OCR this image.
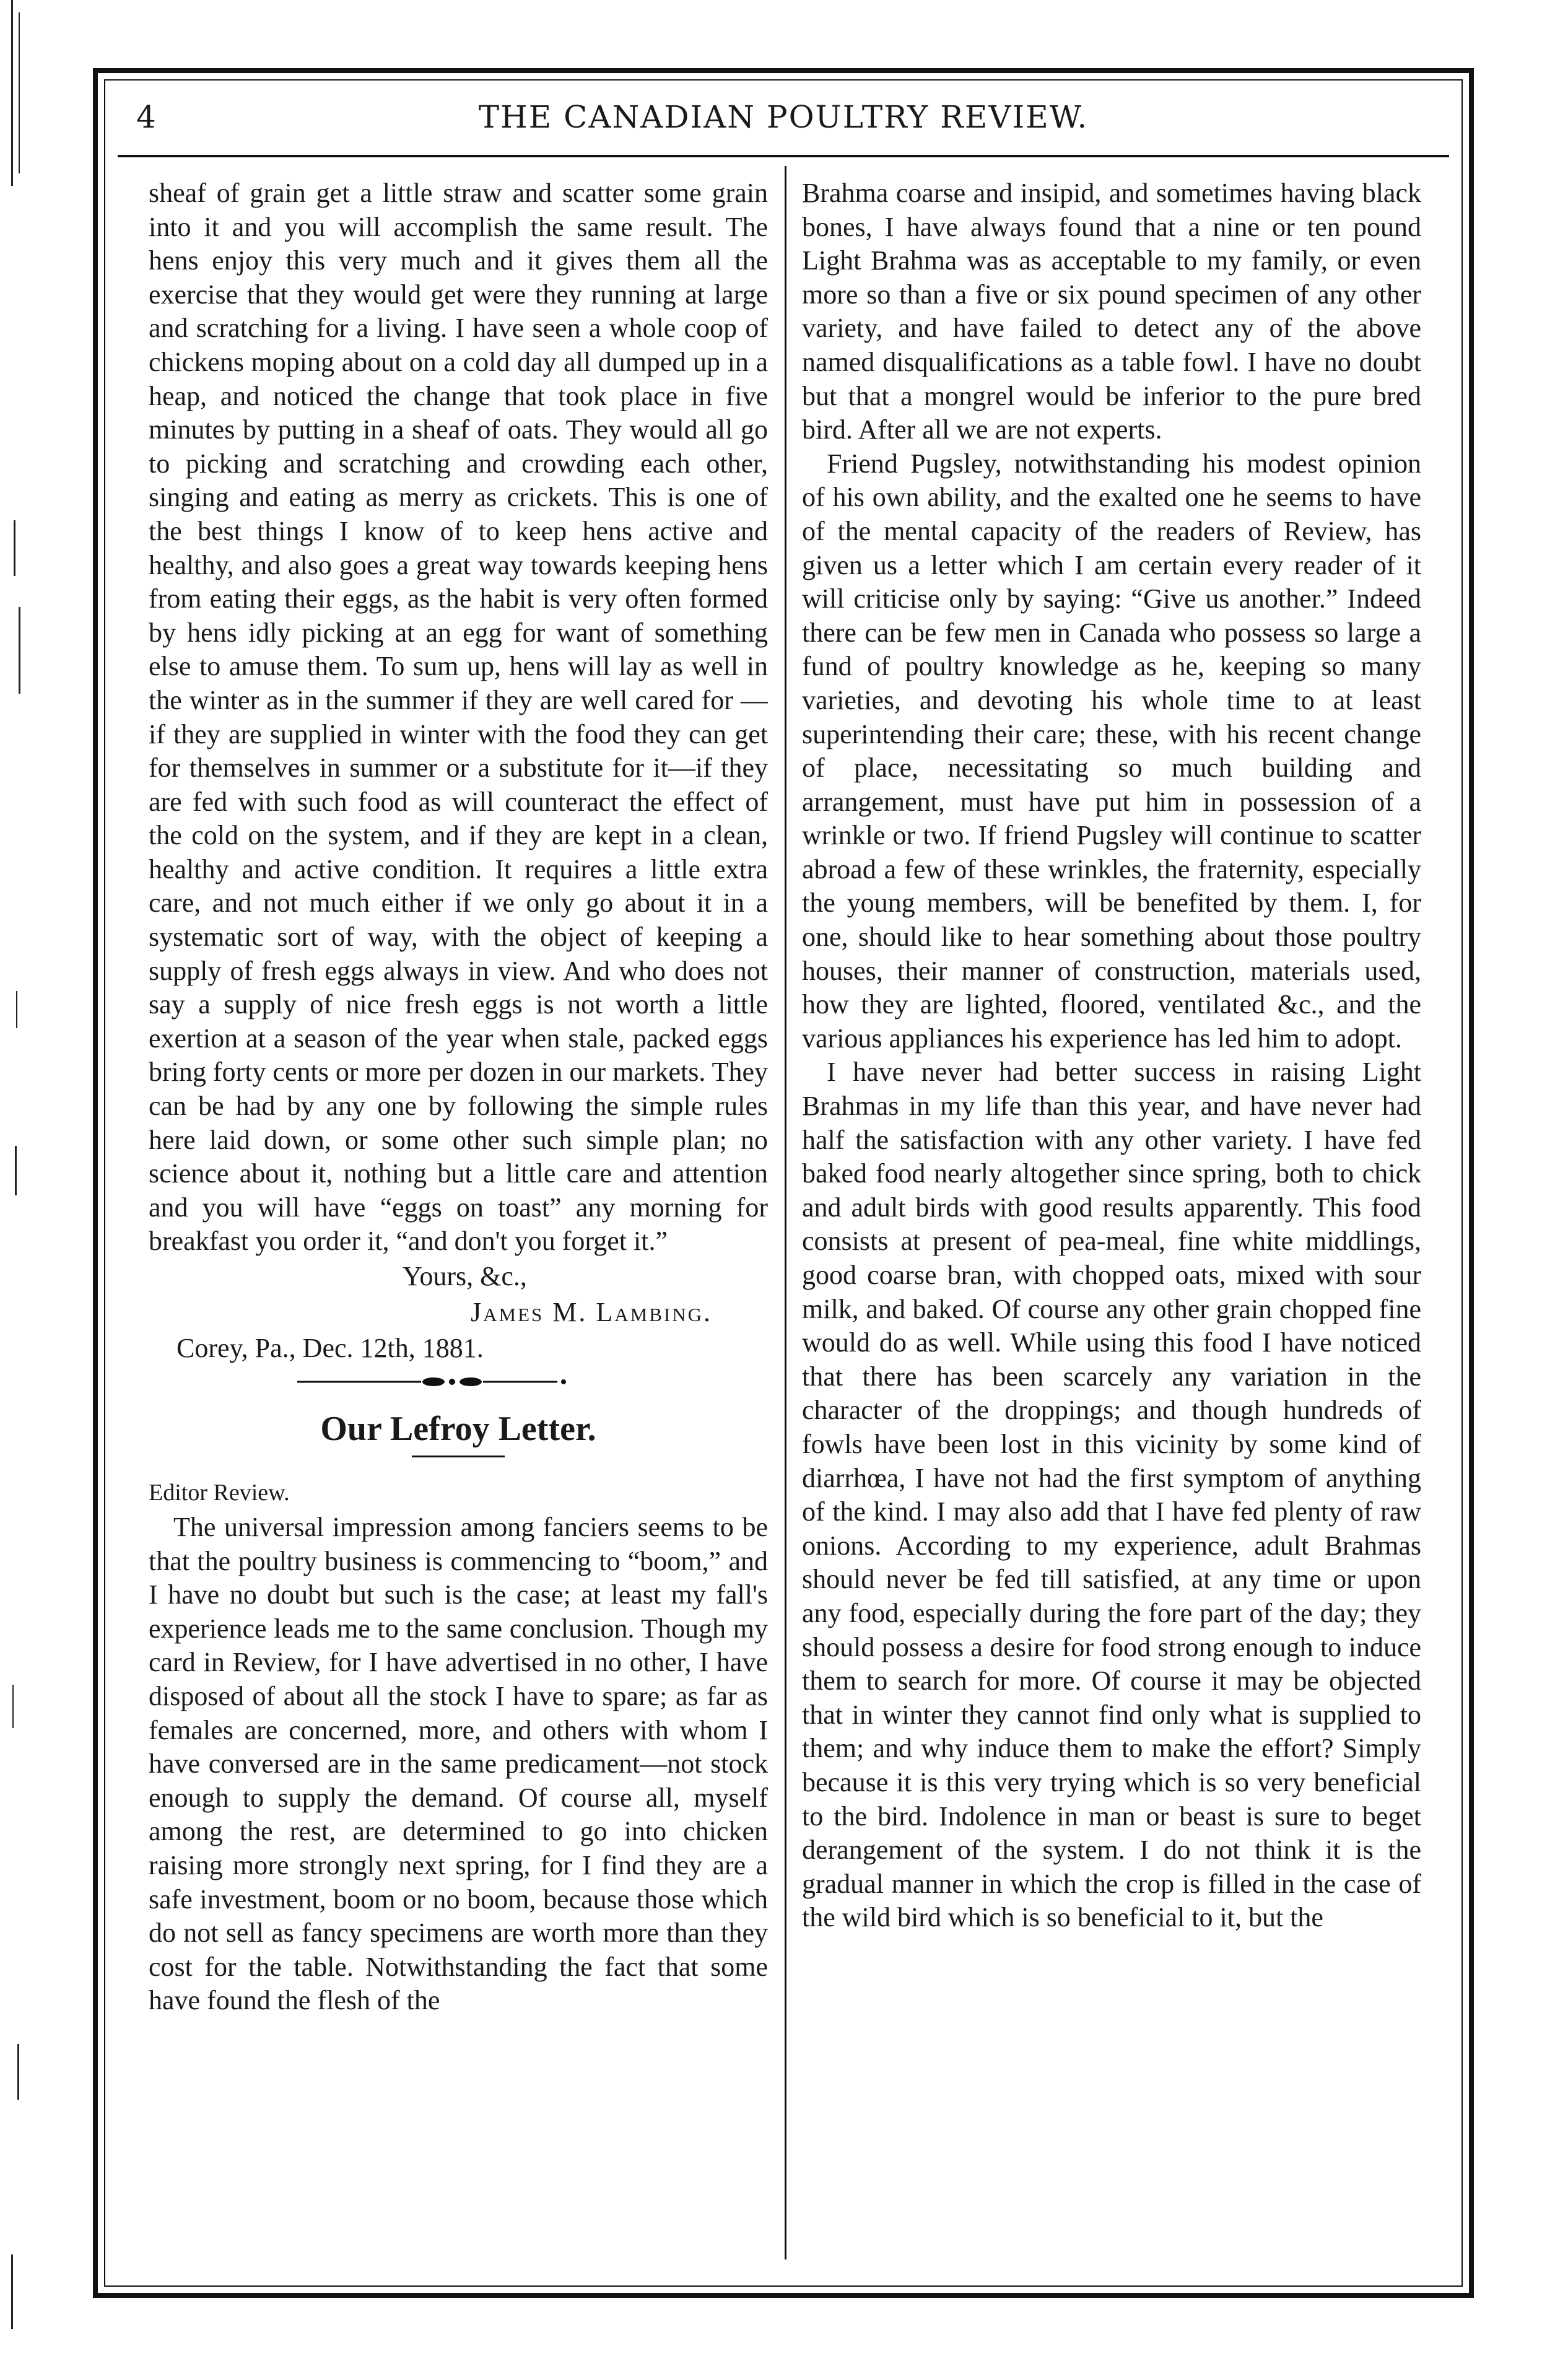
4	THE CANADIAN POULTRY REVIEW.

sheaf of grain get a little straw and scatter some grain into it and you will accomplish the same result. The hens enjoy this very much and it gives them all the exercise that they would get were they running at large and scratching for a living. I have seen a whole coop of chickens moping about on a cold day all dumped up in a heap, and noticed the change that took place in five minutes by putting in a sheaf of oats. They would all go to picking and scratching and crowding each other, singing and eating as merry as crickets. This is one of the best things I know of to keep hens active and healthy, and also goes a great way towards keeping hens from eating their eggs, as the habit is very often formed by hens idly picking at an egg for want of something else to amuse them. To sum up, hens will lay as well in the winter as in the summer if they are well cared for —if they are supplied in winter with the food they can get for themselves in summer or a substitute for it—if they are fed with such food as will counteract the effect of the cold on the system, and if they are kept in a clean, healthy and active condition. It requires a little extra care, and not much either if we only go about it in a systematic sort of way, with the object of keeping a supply of fresh eggs always in view. And who does not say a supply of nice fresh eggs is not worth a little exertion at a season of the year when stale, packed eggs bring forty cents or more per dozen in our markets. They can be had by any one by following the simple rules here laid down, or some other such simple plan; no science about it, nothing but a little care and attention and you will have “eggs on toast” any morning for breakfast you order it, “and don't you forget it.”

Yours, &c.,
James M. Lambing.
Corey, Pa., Dec. 12th, 1881.
Our Lefroy Letter.
Editor Review.

The universal impression among fanciers seems to be that the poultry business is commencing to “boom,” and I have no doubt but such is the case; at least my fall's experience leads me to the same conclusion. Though my card in Review, for I have advertised in no other, I have disposed of about all the stock I have to spare; as far as females are concerned, more, and others with whom I have conversed are in the same predicament—not stock enough to supply the demand. Of course all, myself among the rest, are determined to go into chicken raising more strongly next spring, for I find they are a safe investment, boom or no boom, because those which do not sell as fancy specimens are worth more than they cost for the table. Notwithstanding the fact that some have found the flesh of the

Brahma coarse and insipid, and sometimes having black bones, I have always found that a nine or ten pound Light Brahma was as acceptable to my family, or even more so than a five or six pound specimen of any other variety, and have failed to detect any of the above named disqualifications as a table fowl. I have no doubt but that a mongrel would be inferior to the pure bred bird. After all we are not experts.

Friend Pugsley, notwithstanding his modest opinion of his own ability, and the exalted one he seems to have of the mental capacity of the readers of Review, has given us a letter which I am certain every reader of it will criticise only by saying: “Give us another.” Indeed there can be few men in Canada who possess so large a fund of poultry knowledge as he, keeping so many varieties, and devoting his whole time to at least superintending their care; these, with his recent change of place, necessitating so much building and arrangement, must have put him in possession of a wrinkle or two. If friend Pugsley will continue to scatter abroad a few of these wrinkles, the fraternity, especially the young members, will be benefited by them. I, for one, should like to hear something about those poultry houses, their manner of construction, materials used, how they are lighted, floored, ventilated &c., and the various appliances his experience has led him to adopt.

I have never had better success in raising Light Brahmas in my life than this year, and have never had half the satisfaction with any other variety. I have fed baked food nearly altogether since spring, both to chick and adult birds with good results apparently. This food consists at present of pea-meal, fine white middlings, good coarse bran, with chopped oats, mixed with sour milk, and baked. Of course any other grain chopped fine would do as well. While using this food I have noticed that there has been scarcely any variation in the character of the droppings; and though hundreds of fowls have been lost in this vicinity by some kind of diarrhœa, I have not had the first symptom of anything of the kind. I may also add that I have fed plenty of raw onions. According to my experience, adult Brahmas should never be fed till satisfied, at any time or upon any food, especially during the fore part of the day; they should possess a desire for food strong enough to induce them to search for more. Of course it may be objected that in winter they cannot find only what is supplied to them; and why induce them to make the effort? Simply because it is this very trying which is so very beneficial to the bird. Indolence in man or beast is sure to beget derangement of the system. I do not think it is the gradual manner in which the crop is filled in the case of the wild bird which is so beneficial to it, but the
